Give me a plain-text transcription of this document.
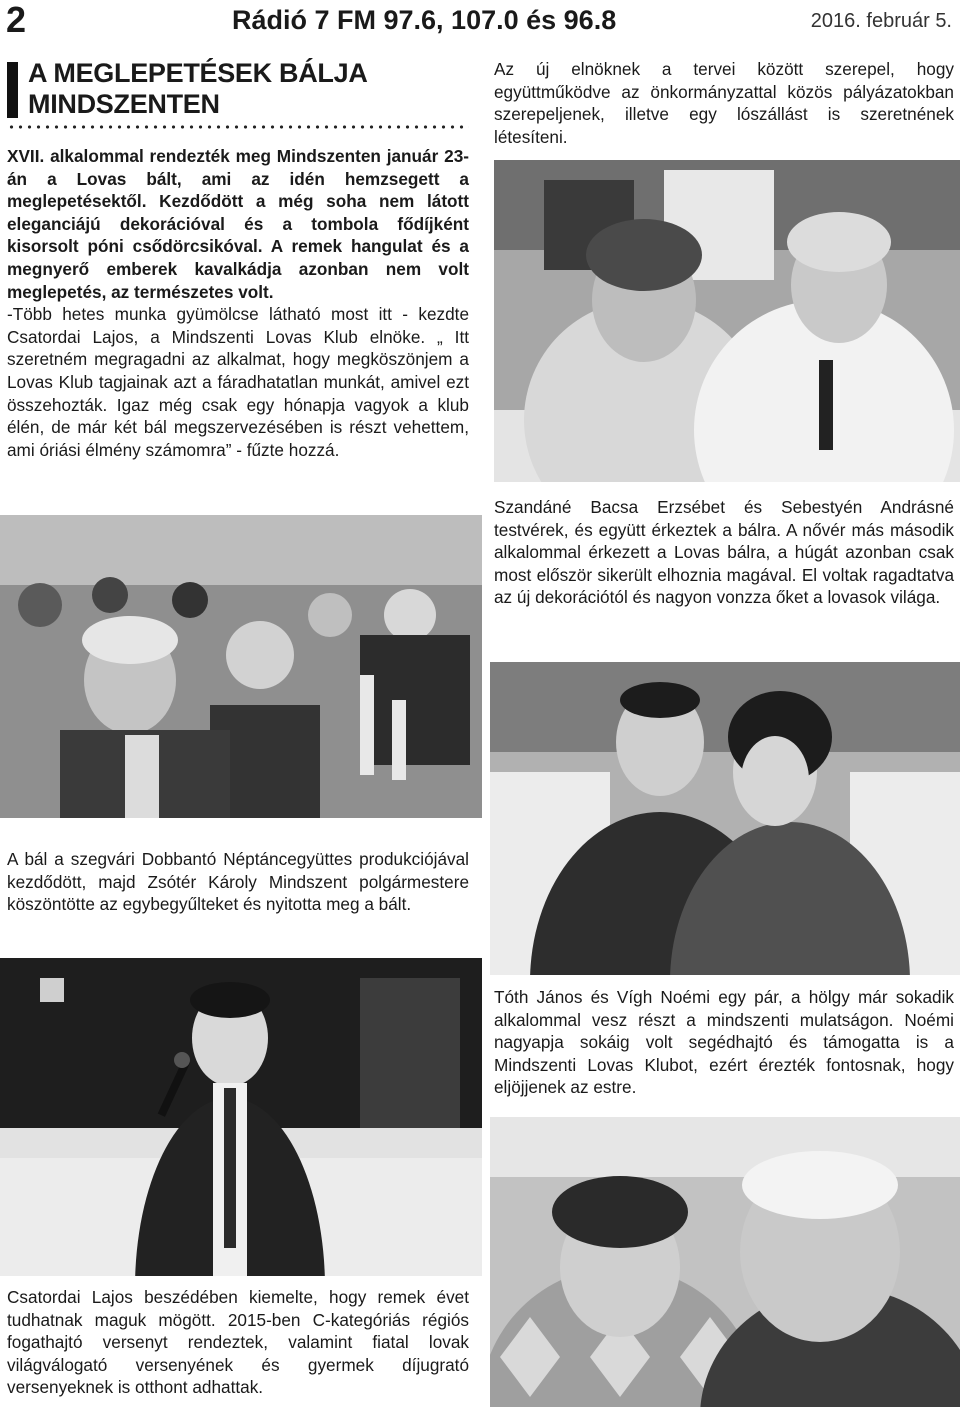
2	Rádió 7 FM 97.6, 107.0 és 96.8	2016. február 5.
A MEGLEPETÉSEK BÁLJA
MINDSZENTEN

XVII. alkalommal rendezték meg Mindszenten január 23-án a Lovas bált, ami az idén hemzsegett a meglepetésektől. Kezdődött a még soha nem látott eleganciájú dekorációval és a tombola fődíjként kisorsolt póni csődörcsikóval. A remek hangulat és a megnyerő emberek kavalkádja azonban nem volt meglepetés, az természetes volt.

-Több hetes munka gyümölcse látható most itt - kezdte Csatordai Lajos, a Mindszenti Lovas Klub elnöke. „ Itt szeretném megragadni az alkalmat, hogy megköszönjem a Lovas Klub tagjainak azt a fáradhatatlan munkát, amivel ezt összehozták. Igaz még csak egy hónapja vagyok a klub élén, de már két bál megszervezésében is részt vehettem, ami óriási élmény számomra” - fűzte hozzá.

Az új elnöknek a tervei között szerepel, hogy együttműködve az önkormányzattal közös pályázatokban szerepeljenek, illetve egy lószállást is szeretnének létesíteni.

Szandáné Bacsa Erzsébet és Sebestyén Andrásné testvérek, és együtt érkeztek a bálra. A nővér más második alkalommal érkezett a Lovas bálra, a húgát azonban csak most először sikerült elhoznia magával. El voltak ragadtatva az új dekorációtól és nagyon vonzza őket a lovasok világa.
A bál a szegvári Dobbantó Néptáncegyüttes produkciójával kezdődött, majd Zsótér Károly Mindszent polgármestere köszöntötte az egybegyűlteket és nyitotta meg a bált.
Tóth János és Vígh Noémi egy pár, a hölgy már sokadik alkalommal vesz részt a mindszenti mulatságon. Noémi nagyapja sokáig volt segédhajtó és támogatta is a Mindszenti Lovas Klubot, ezért érezték fontosnak, hogy eljöjjenek az estre.
Csatordai Lajos beszédében kiemelte, hogy remek évet tudhatnak maguk mögött. 2015-ben C-kategóriás régiós fogathajtó versenyt rendeztek, valamint fiatal lovak világválogató versenyének és gyermek díjugrató versenyeknek is otthont adhattak.
